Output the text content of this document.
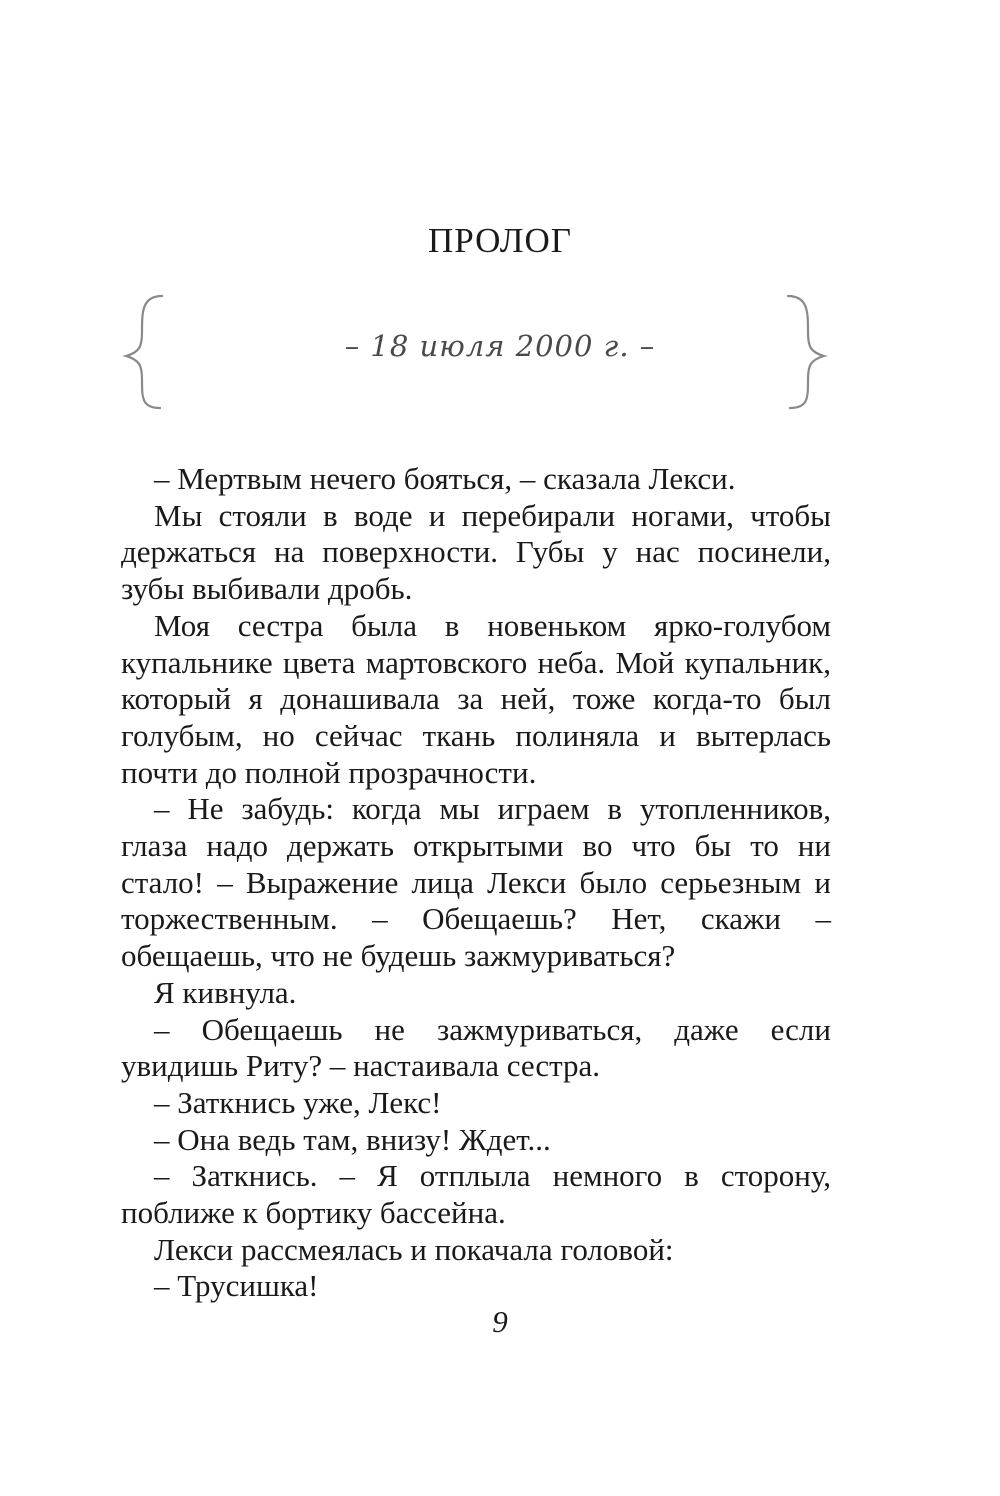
ПРОЛОГ
– 18 июля 2000 г. –

– Мертвым нечего бояться, – сказала Лекси.

Мы стояли в воде и перебирали ногами, чтобы держаться на поверхности. Губы у нас посинели, зубы выбивали дробь.

Моя сестра была в новеньком ярко-голубом купальнике цвета мартовского неба. Мой купальник, который я донашивала за ней, тоже когда-то был голубым, но сейчас ткань полиняла и вытерлась почти до полной прозрачности.

– Не забудь: когда мы играем в утопленников, глаза надо держать открытыми во что бы то ни стало! – Выражение лица Лекси было серьезным и торжественным. – Обещаешь? Нет, скажи – обещаешь, что не будешь зажмуриваться?

Я кивнула.

– Обещаешь не зажмуриваться, даже если увидишь Риту? – настаивала сестра.

– Заткнись уже, Лекс!

– Она ведь там, внизу! Ждет...

– Заткнись. – Я отплыла немного в сторону, поближе к бортику бассейна.

Лекси рассмеялась и покачала головой:

– Трусишка!

9
